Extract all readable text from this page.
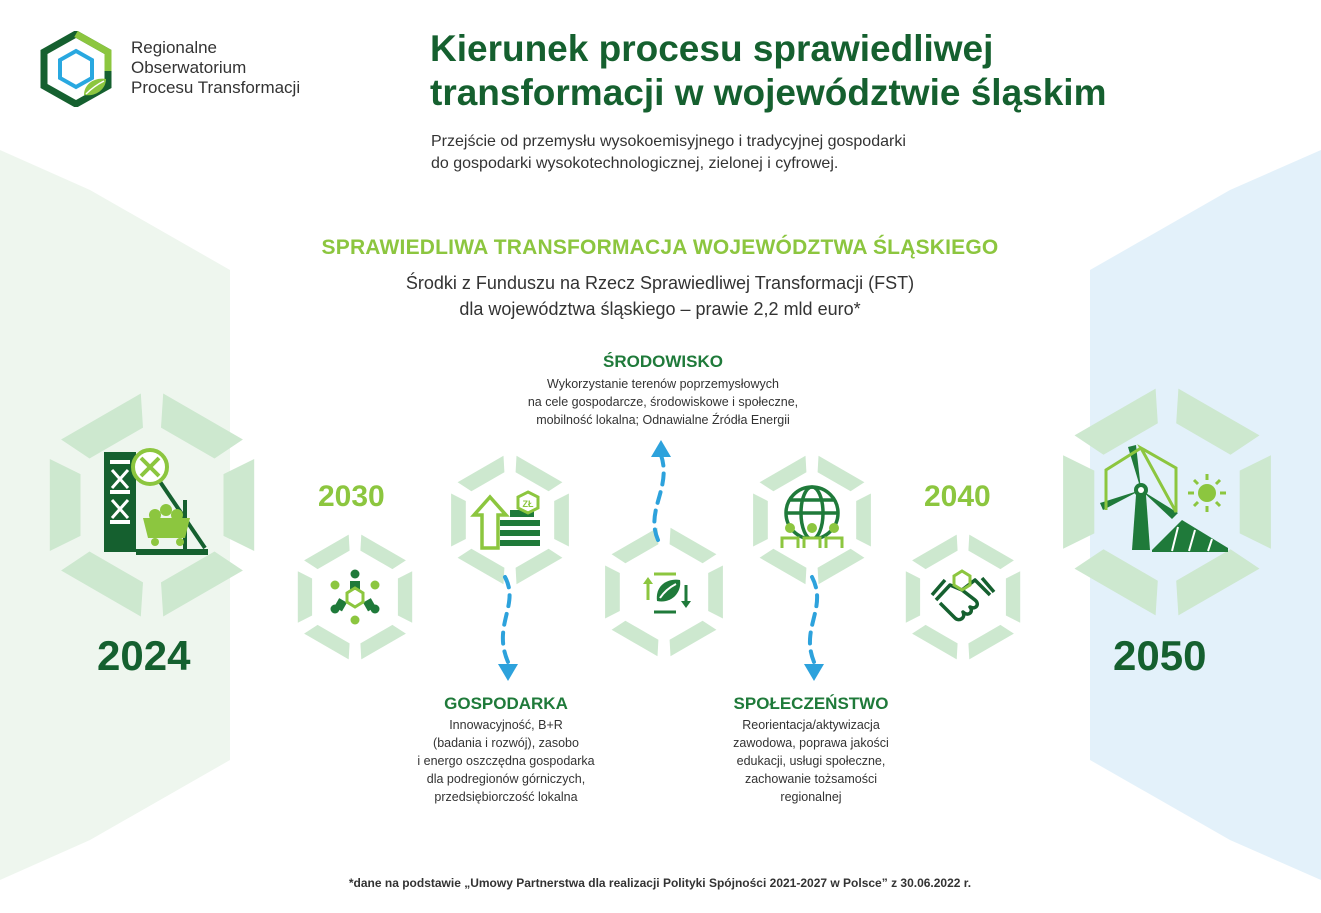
ZŁ
Regionalne
Obserwatorium
Procesu Transformacji
Kierunek procesu sprawiedliwej
transformacji w województwie śląskim
Przejście od przemysłu wysokoemisyjnego i tradycyjnej gospodarki
do gospodarki wysokotechnologicznej, zielonej i cyfrowej.
SPRAWIEDLIWA TRANSFORMACJA WOJEWÓDZTWA ŚLĄSKIEGO
Środki z Funduszu na Rzecz Sprawiedliwej Transformacji (FST)
dla województwa śląskiego – prawie 2,2 mld euro*
ŚRODOWISKO
Wykorzystanie terenów poprzemysłowych
na cele gospodarcze, środowiskowe i społeczne,
mobilność lokalna; Odnawialne Źródła Energii
GOSPODARKA
Innowacyjność, B+R
(badania i rozwój), zasobo
i energo oszczędna gospodarka
dla podregionów górniczych,
przedsiębiorczość lokalna
SPOŁECZEŃSTWO
Reorientacja/aktywizacja
zawodowa, poprawa jakości
edukacji, usługi społeczne,
zachowanie tożsamości
regionalnej
2024
2030	2040
2050
*dane na podstawie „Umowy Partnerstwa dla realizacji Polityki Spójności 2021-2027 w Polsce” z 30.06.2022 r.
